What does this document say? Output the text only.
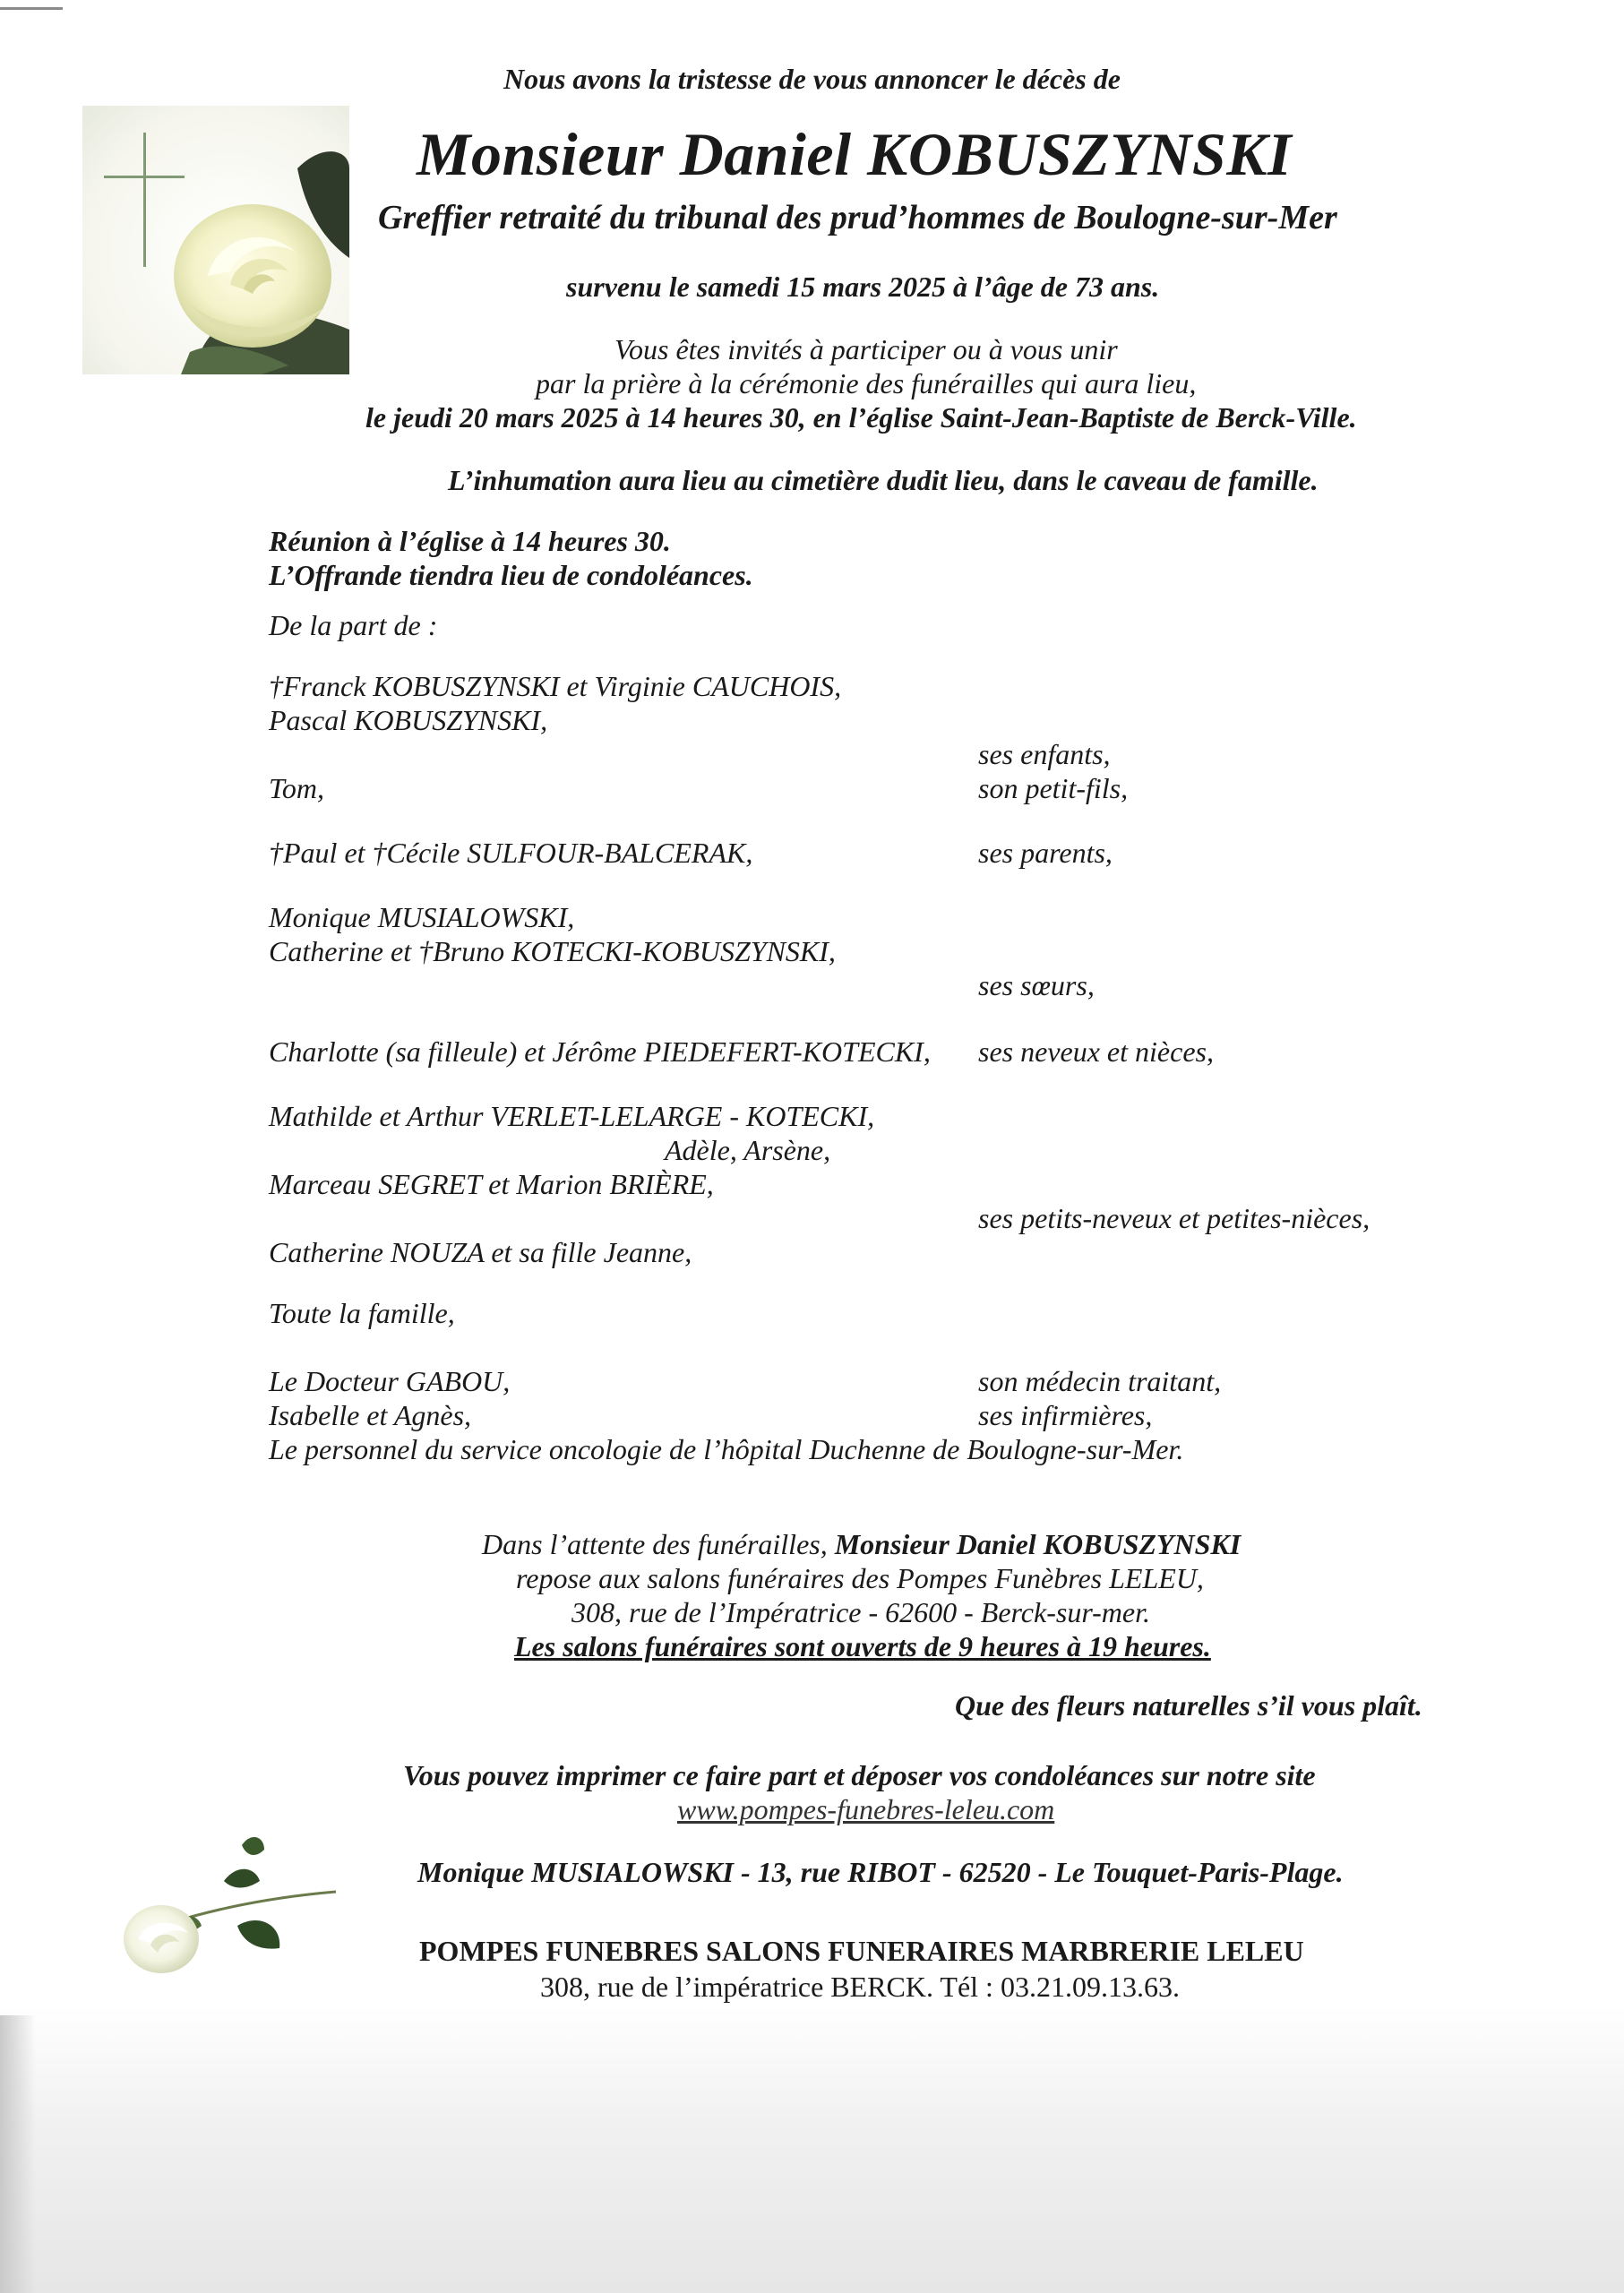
Nous avons la tristesse de vous annoncer le décès de
Monsieur Daniel KOBUSZYNSKI
Greffier retraité du tribunal des prud’hommes de Boulogne-sur-Mer
survenu le samedi 15 mars 2025 à l’âge de 73 ans.
Vous êtes invités à participer ou à vous unir
par la prière à la cérémonie des funérailles qui aura lieu,
le jeudi 20 mars 2025 à 14 heures 30, en l’église Saint-Jean-Baptiste de Berck-Ville.
L’inhumation aura lieu au cimetière dudit lieu, dans le caveau de famille.
Réunion à l’église à 14 heures 30.
L’Offrande tiendra lieu de condoléances.
De la part de :
†Franck KOBUSZYNSKI et Virginie CAUCHOIS,
Pascal KOBUSZYNSKI,
Tom,
†Paul et †Cécile SULFOUR-BALCERAK,
Monique MUSIALOWSKI,
Catherine et †Bruno KOTECKI-KOBUSZYNSKI,
Charlotte (sa filleule) et Jérôme PIEDEFERT-KOTECKI,
Mathilde et Arthur VERLET-LELARGE - KOTECKI,
Adèle, Arsène,
Marceau SEGRET et Marion BRIÈRE,
Catherine NOUZA et sa fille Jeanne,
Toute la famille,
Le Docteur GABOU,
Isabelle et Agnès,
Le personnel du service oncologie de l’hôpital Duchenne de Boulogne-sur-Mer.
ses enfants,
son petit-fils,
ses parents,
ses sœurs,
ses neveux et nièces,
ses petits-neveux et petites-nièces,
son médecin traitant,
ses infirmières,
Dans l’attente des funérailles, Monsieur Daniel KOBUSZYNSKI
repose aux salons funéraires des Pompes Funèbres LELEU,
308, rue de l’Impératrice - 62600 - Berck-sur-mer.
Les salons funéraires sont ouverts de 9 heures à 19 heures.
Que des fleurs naturelles s’il vous plaît.
Vous pouvez imprimer ce faire part et déposer vos condoléances sur notre site
www.pompes-funebres-leleu.com
Monique MUSIALOWSKI - 13, rue RIBOT - 62520 - Le Touquet-Paris-Plage.
POMPES FUNEBRES SALONS FUNERAIRES MARBRERIE LELEU
308, rue de l’impératrice BERCK. Tél : 03.21.09.13.63.
